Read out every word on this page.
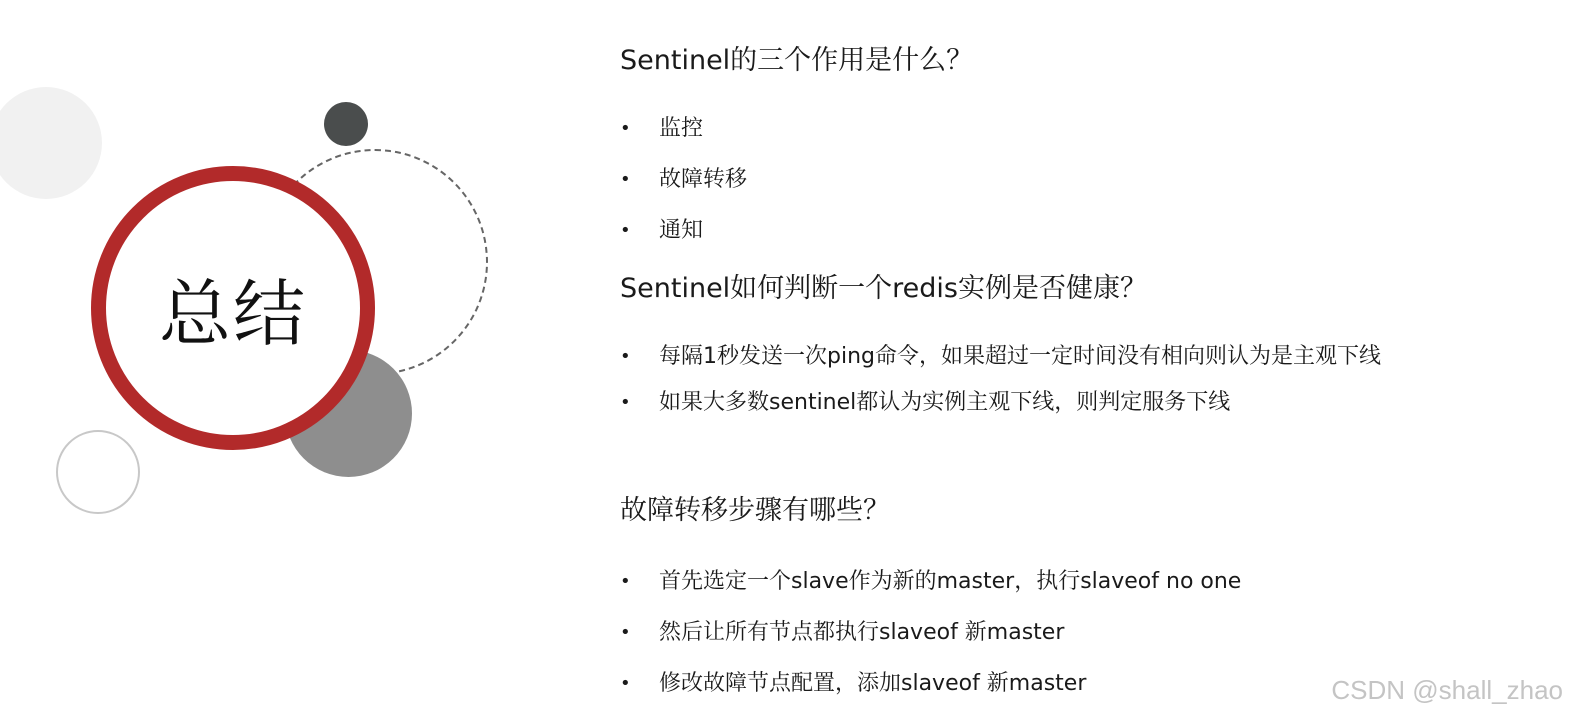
总结

Sentinel的三个作用是什么？

• 监控
• 故障转移
• 通知

Sentinel如何判断一个redis实例是否健康？

• 每隔1秒发送一次ping命令，如果超过一定时间没有相向则认为是主观下线
• 如果大多数sentinel都认为实例主观下线，则判定服务下线

故障转移步骤有哪些？

• 首先选定一个slave作为新的master，执行slaveof no one
• 然后让所有节点都执行slaveof 新master
• 修改故障节点配置，添加slaveof 新master	CSDN @shall_zhao
